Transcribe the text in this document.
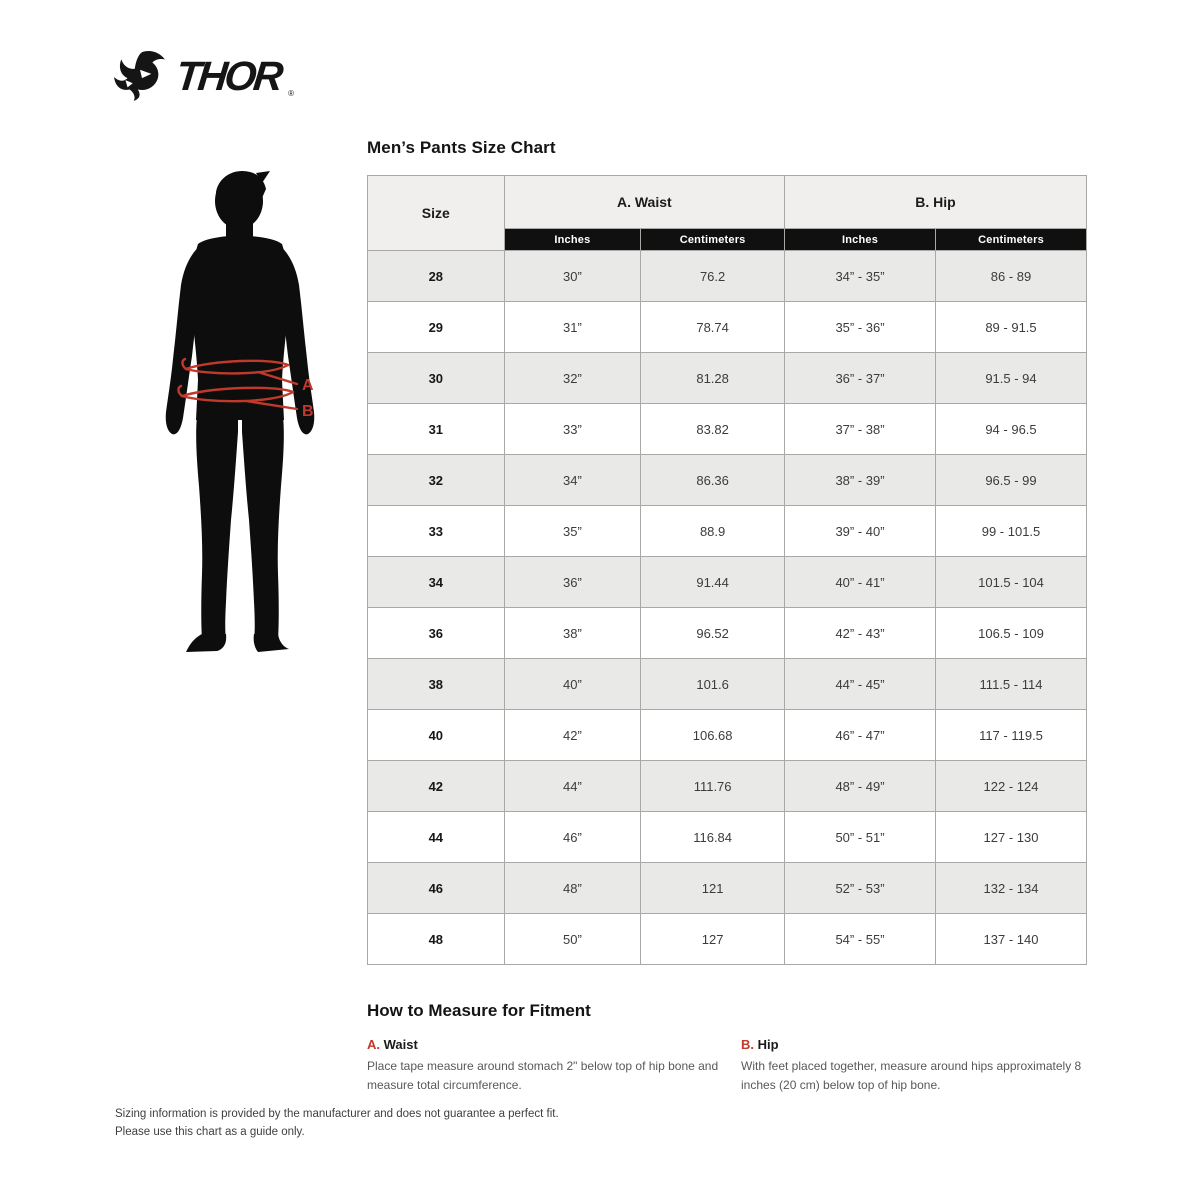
THOR ®
A
B
Men’s Pants Size Chart
Size	A. Waist		B. Hip	
	Inches	Centimeters	Inches	Centimeters
28	30”	76.2	34” - 35”	86 - 89
29	31”	78.74	35” - 36”	89 - 91.5
30	32”	81.28	36” - 37”	91.5 - 94
31	33”	83.82	37” - 38”	94 - 96.5
32	34”	86.36	38” - 39”	96.5 - 99
33	35”	88.9	39” - 40”	99 - 101.5
34	36”	91.44	40” - 41”	101.5 - 104
36	38”	96.52	42” - 43”	106.5 - 109
38	40”	101.6	44” - 45”	111.5 - 114
40	42”	106.68	46” - 47”	117 - 119.5
42	44”	111.76	48” - 49”	122 - 124
44	46”	116.84	50” - 51”	127 - 130
46	48”	121	52” - 53”	132 - 134
48	50”	127	54” - 55”	137 - 140
How to Measure for Fitment
A. Waist
Place tape measure around stomach 2" below top of hip bone and measure total circumference.
B. Hip
With feet placed together, measure around hips approximately 8 inches (20 cm) below top of hip bone.
Sizing information is provided by the manufacturer and does not guarantee a perfect fit.
Please use this chart as a guide only.
